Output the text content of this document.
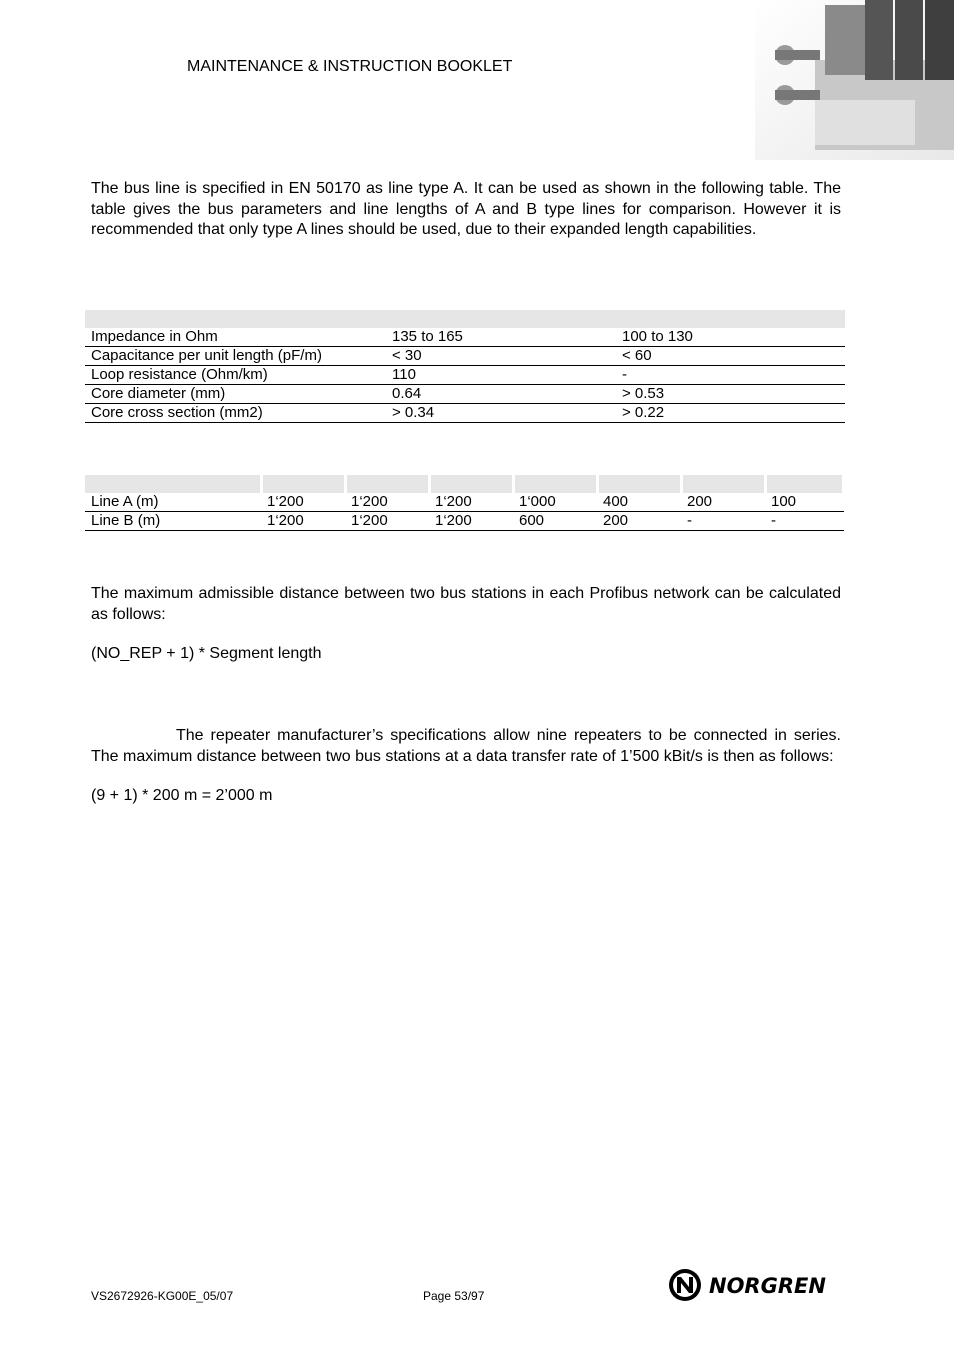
MAINTENANCE & INSTRUCTION BOOKLET
The bus line is specified in EN 50170 as line type A. It can be used as shown in the following table. The table gives the bus parameters and line lengths of A and B type lines for comparison. However it is recommended that only type A lines should be used, due to their expanded length capabilities.

Impedance in Ohm	135 to 165	100 to 130
Capacitance per unit length (pF/m)	< 30	< 60
Loop resistance (Ohm/km)	110	-
Core diameter (mm)	0.64	> 0.53
Core cross section (mm2)	> 0.34	> 0.22

Line A (m)	1‘200	1‘200	1‘200	1‘000	400	200	100
Line B (m)	1‘200	1‘200	1‘200	600	200	-	-
The maximum admissible distance between two bus stations in each Profibus network can be calculated as follows:
(NO_REP + 1) * Segment length
The repeater manufacturer’s specifications allow nine repeaters to be connected in series. The maximum distance between two bus stations at a data transfer rate of 1’500 kBit/s is then as follows:
(9 + 1) * 200 m = 2’000 m
VS2672926-KG00E_05/07	Page 53/97	NORGREN
